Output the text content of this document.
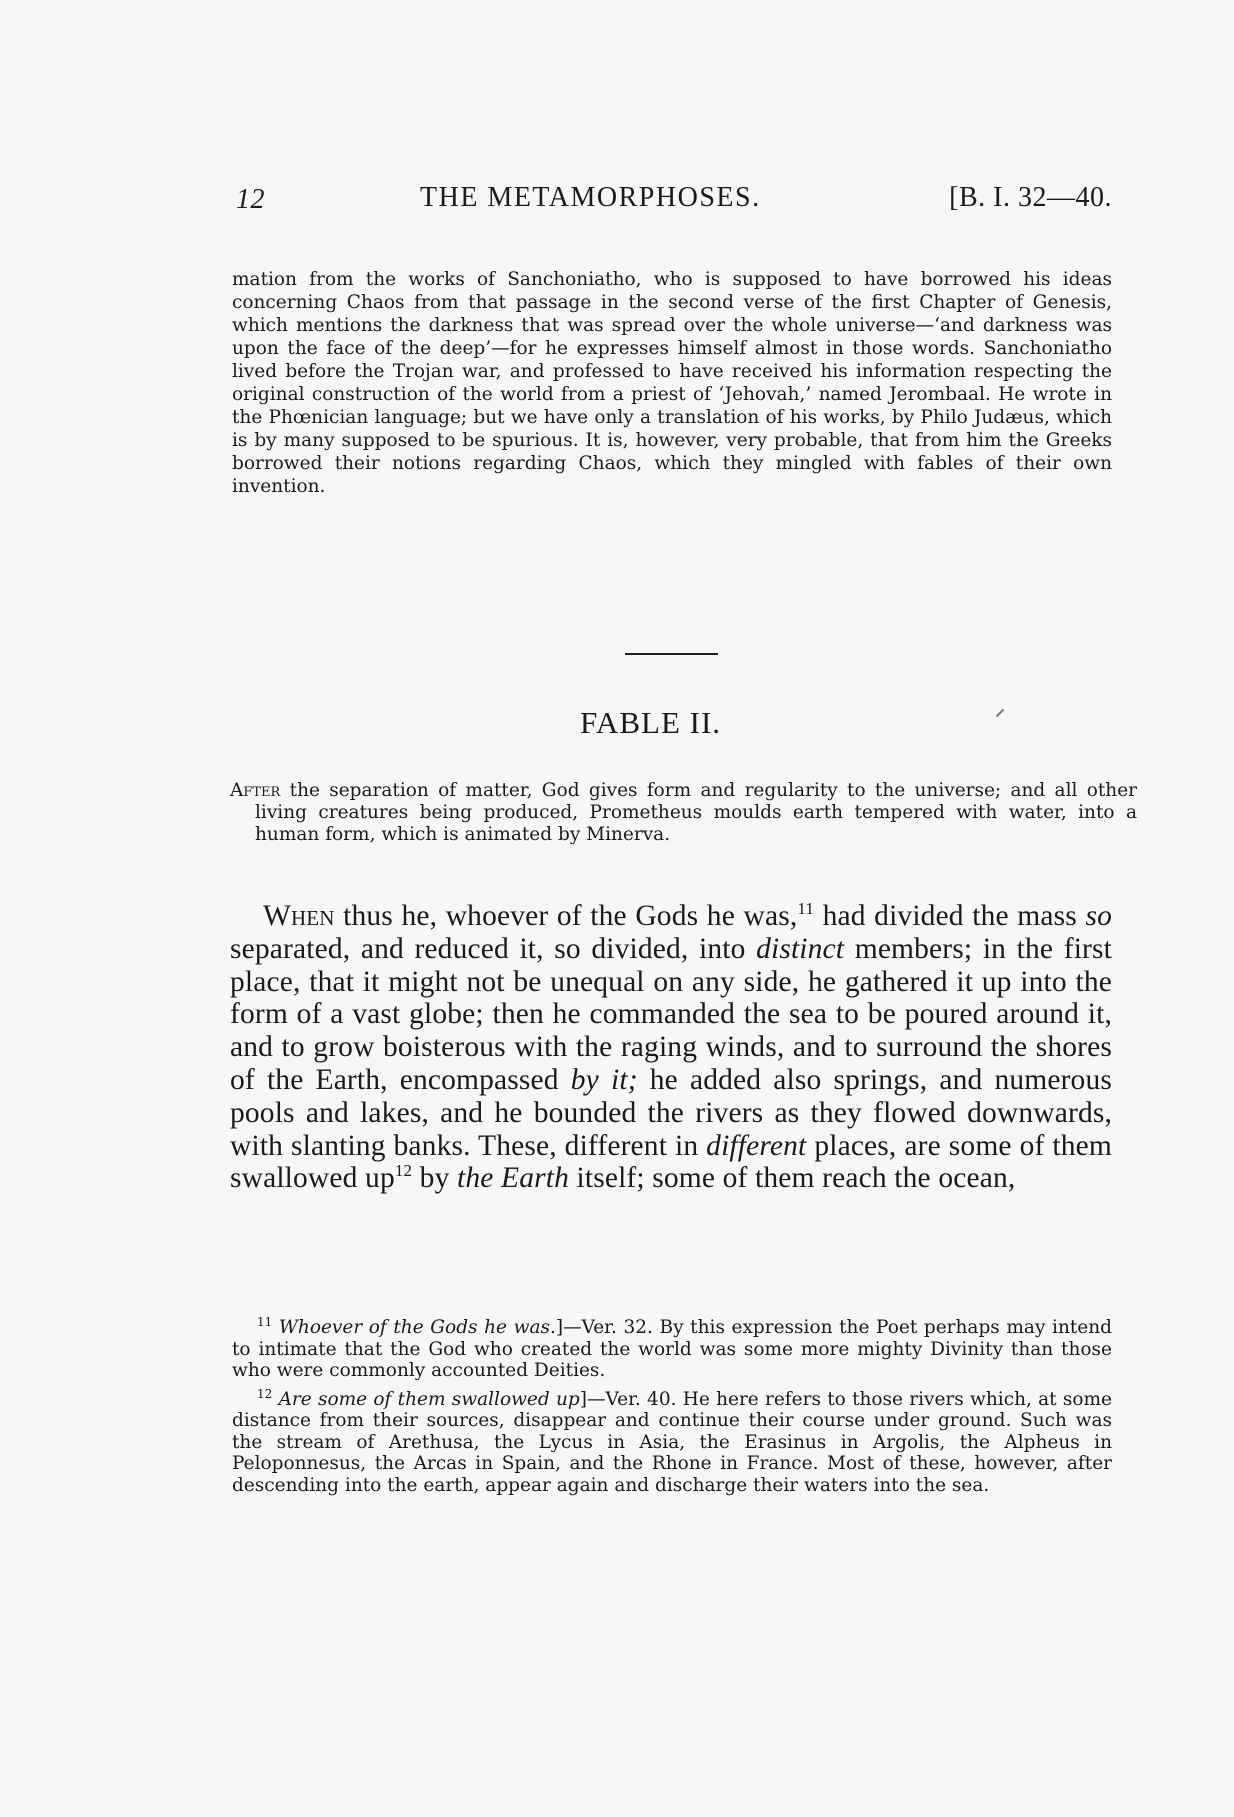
12	THE METAMORPHOSES.	[B. I. 32—40.

mation from the works of Sanchoniatho, who is supposed to have borrowed his ideas concerning Chaos from that passage in the second verse of the first Chapter of Genesis, which mentions the darkness that was spread over the whole universe—‘and darkness was upon the face of the deep’—for he expresses himself almost in those words. Sanchoniatho lived before the Trojan war, and professed to have received his information respecting the original construction of the world from a priest of ‘Jehovah,’ named Jerombaal. He wrote in the Phœnician language; but we have only a translation of his works, by Philo Judæus, which is by many supposed to be spurious. It is, however, very probable, that from him the Greeks borrowed their notions regarding Chaos, which they mingled with fables of their own invention.

FABLE II.

After the separation of matter, God gives form and regularity to the universe; and all other living creatures being produced, Prometheus moulds earth tempered with water, into a human form, which is animated by Minerva.

When thus he, whoever of the Gods he was,$^{11}$ had divided the mass so separated, and reduced it, so divided, into distinct members; in the first place, that it might not be unequal on any side, he gathered it up into the form of a vast globe; then he commanded the sea to be poured around it, and to grow boisterous with the raging winds, and to surround the shores of the Earth, encompassed by it; he added also springs, and numerous pools and lakes, and he bounded the rivers as they flowed downwards, with slanting banks. These, different in different places, are some of them swallowed $up^{12}$ by the Earth itself; some of them reach the ocean,

$^{11}$ Whoever of the Gods he was.]—Ver. 32. By this expression the Poet perhaps may intend to intimate that the God who created the world was some more mighty Divinity than those who were commonly accounted Deities.

$^{12}$ Are some of them swallowed up]—Ver. 40. He here refers to those rivers which, at some distance from their sources, disappear and continue their course under ground. Such was the stream of Arethusa, the Lycus in Asia, the Erasinus in Argolis, the Alpheus in Peloponnesus, the Arcas in Spain, and the Rhone in France. Most of these, however, after descending into the earth, appear again and discharge their waters into the sea.
